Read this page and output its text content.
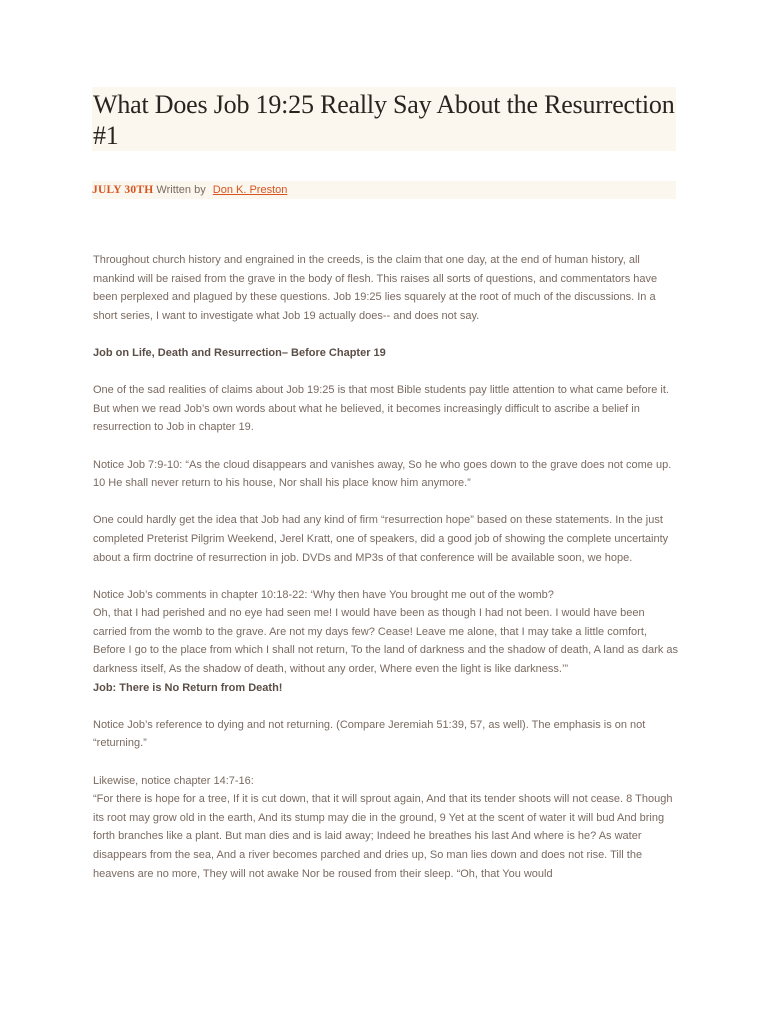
What Does Job 19:25 Really Say About the Resurrection #1
JULY 30TH Written by Don K. Preston

Throughout church history and engrained in the creeds, is the claim that one day, at the end of human history, all mankind will be raised from the grave in the body of flesh. This raises all sorts of questions, and commentators have been perplexed and plagued by these questions. Job 19:25 lies squarely at the root of much of the discussions. In a short series, I want to investigate what Job 19 actually does-- and does not say.

Job on Life, Death and Resurrection– Before Chapter 19

One of the sad realities of claims about Job 19:25 is that most Bible students pay little attention to what came before it. But when we read Job’s own words about what he believed, it becomes increasingly difficult to ascribe a belief in resurrection to Job in chapter 19.

Notice Job 7:9-10: “As the cloud disappears and vanishes away, So he who goes down to the grave does not come up. 10 He shall never return to his house, Nor shall his place know him anymore.”

One could hardly get the idea that Job had any kind of firm “resurrection hope” based on these statements. In the just completed Preterist Pilgrim Weekend, Jerel Kratt, one of speakers, did a good job of showing the complete uncertainty about a firm doctrine of resurrection in job. DVDs and MP3s of that conference will be available soon, we hope.

Notice Job’s comments in chapter 10:18-22: ‘Why then have You brought me out of the womb?

Oh, that I had perished and no eye had seen me! I would have been as though I had not been. I would have been carried from the womb to the grave. Are not my days few? Cease! Leave me alone, that I may take a little comfort, Before I go to the place from which I shall not return, To the land of darkness and the shadow of death, A land as dark as darkness itself, As the shadow of death, without any order, Where even the light is like darkness.’”

Job: There is No Return from Death!

Notice Job’s reference to dying and not returning. (Compare Jeremiah 51:39, 57, as well). The emphasis is on not “returning.”

Likewise, notice chapter 14:7-16:

“For there is hope for a tree, If it is cut down, that it will sprout again, And that its tender shoots will not cease. 8 Though its root may grow old in the earth, And its stump may die in the ground, 9 Yet at the scent of water it will bud And bring forth branches like a plant. But man dies and is laid away; Indeed he breathes his last And where is he? As water disappears from the sea, And a river becomes parched and dries up, So man lies down and does not rise. Till the heavens are no more, They will not awake Nor be roused from their sleep. “Oh, that You would
